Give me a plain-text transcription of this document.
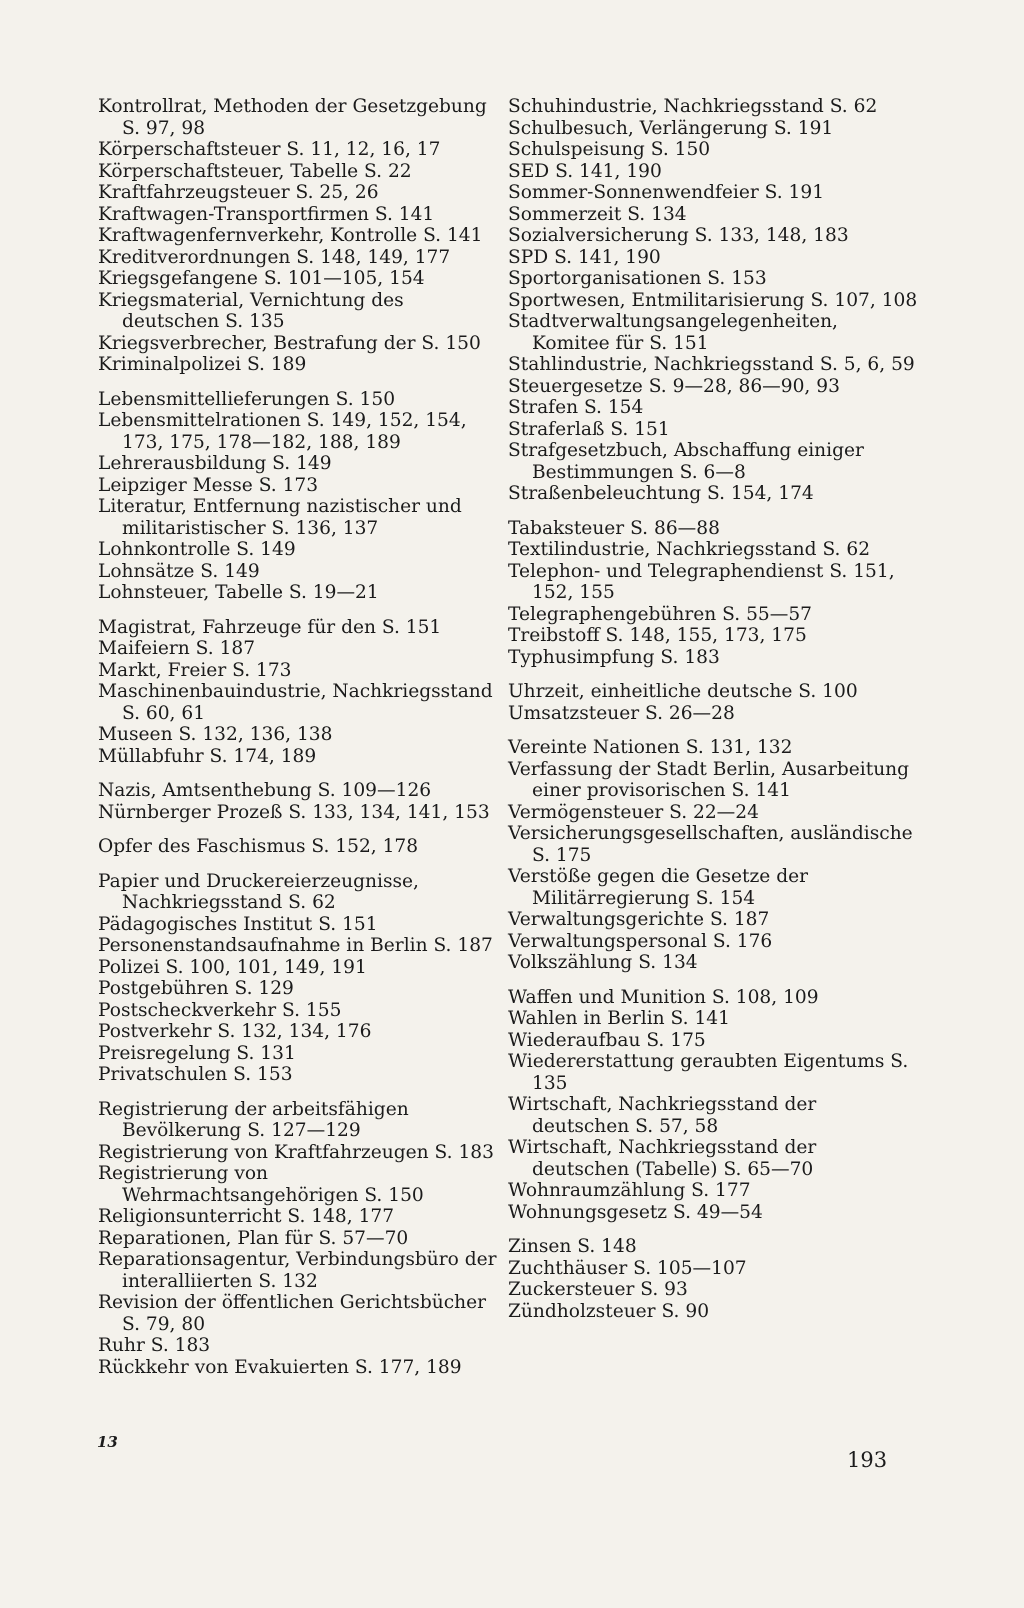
Kontrollrat, Methoden der Gesetzgebung S. 97, 98
Körperschaftsteuer S. 11, 12, 16, 17
Körperschaftsteuer, Tabelle S. 22
Kraftfahrzeugsteuer S. 25, 26
Kraftwagen-Transportfirmen S. 141
Kraftwagenfernverkehr, Kontrolle S. 141
Kreditverordnungen S. 148, 149, 177
Kriegsgefangene S. 101—105, 154
Kriegsmaterial, Vernichtung des deutschen S. 135
Kriegsverbrecher, Bestrafung der S. 150
Kriminalpolizei S. 189
Lebensmittellieferungen S. 150
Lebensmittelrationen S. 149, 152, 154, 173, 175, 178—182, 188, 189
Lehrerausbildung S. 149
Leipziger Messe S. 173
Literatur, Entfernung nazistischer und militaristischer S. 136, 137
Lohnkontrolle S. 149
Lohnsätze S. 149
Lohnsteuer, Tabelle S. 19—21
Magistrat, Fahrzeuge für den S. 151
Maifeiern S. 187
Markt, Freier S. 173
Maschinenbauindustrie, Nachkriegsstand S. 60, 61
Museen S. 132, 136, 138
Müllabfuhr S. 174, 189
Nazis, Amtsenthebung S. 109—126
Nürnberger Prozeß S. 133, 134, 141, 153
Opfer des Faschismus S. 152, 178
Papier und Druckereierzeugnisse, Nachkriegsstand S. 62
Pädagogisches Institut S. 151
Personenstandsaufnahme in Berlin S. 187
Polizei S. 100, 101, 149, 191
Postgebühren S. 129
Postscheckverkehr S. 155
Postverkehr S. 132, 134, 176
Preisregelung S. 131
Privatschulen S. 153
Registrierung der arbeitsfähigen Bevölkerung S. 127—129
Registrierung von Kraftfahrzeugen S. 183
Registrierung von Wehrmachtsangehörigen S. 150
Religionsunterricht S. 148, 177
Reparationen, Plan für S. 57—70
Reparationsagentur, Verbindungsbüro der interalliierten S. 132
Revision der öffentlichen Gerichtsbücher S. 79, 80
Ruhr S. 183
Rückkehr von Evakuierten S. 177, 189
Schuhindustrie, Nachkriegsstand S. 62
Schulbesuch, Verlängerung S. 191
Schulspeisung S. 150
SED S. 141, 190
Sommer-Sonnenwendfeier S. 191
Sommerzeit S. 134
Sozialversicherung S. 133, 148, 183
SPD S. 141, 190
Sportorganisationen S. 153
Sportwesen, Entmilitarisierung S. 107, 108
Stadtverwaltungsangelegenheiten, Komitee für S. 151
Stahlindustrie, Nachkriegsstand S. 5, 6, 59
Steuergesetze S. 9—28, 86—90, 93
Strafen S. 154
Straferlaß S. 151
Strafgesetzbuch, Abschaffung einiger Bestimmungen S. 6—8
Straßenbeleuchtung S. 154, 174
Tabaksteuer S. 86—88
Textilindustrie, Nachkriegsstand S. 62
Telephon- und Telegraphendienst S. 151, 152, 155
Telegraphengebühren S. 55—57
Treibstoff S. 148, 155, 173, 175
Typhusimpfung S. 183
Uhrzeit, einheitliche deutsche S. 100
Umsatzsteuer S. 26—28
Vereinte Nationen S. 131, 132
Verfassung der Stadt Berlin, Ausarbeitung einer provisorischen S. 141
Vermögensteuer S. 22—24
Versicherungsgesellschaften, ausländische S. 175
Verstöße gegen die Gesetze der Militärregierung S. 154
Verwaltungsgerichte S. 187
Verwaltungspersonal S. 176
Volkszählung S. 134
Waffen und Munition S. 108, 109
Wahlen in Berlin S. 141
Wiederaufbau S. 175
Wiedererstattung geraubten Eigentums S. 135
Wirtschaft, Nachkriegsstand der deutschen S. 57, 58
Wirtschaft, Nachkriegsstand der deutschen (Tabelle) S. 65—70
Wohnraumzählung S. 177
Wohnungsgesetz S. 49—54
Zinsen S. 148
Zuchthäuser S. 105—107
Zuckersteuer S. 93
Zündholzsteuer S. 90
13
193
